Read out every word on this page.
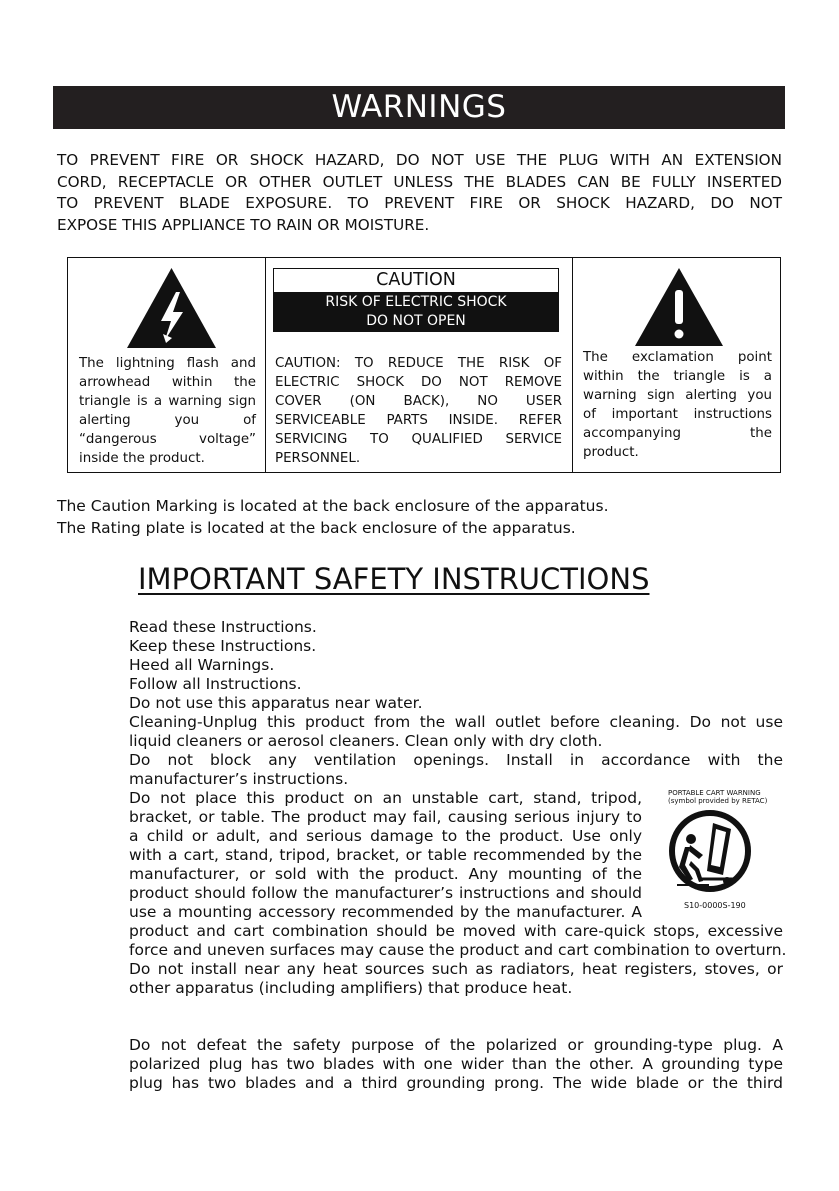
WARNINGS
TO PREVENT FIRE OR SHOCK HAZARD, DO NOT USE THE PLUG WITH AN EXTENSION
CORD, RECEPTACLE OR OTHER OUTLET UNLESS THE BLADES CAN BE FULLY INSERTED
TO PREVENT BLADE EXPOSURE. TO PREVENT FIRE OR SHOCK HAZARD, DO NOT
EXPOSE THIS APPLIANCE TO RAIN OR MOISTURE.
The lightning flash and
arrowhead within the
triangle is a warning sign
alerting you of
“dangerous voltage”
inside the product.
CAUTION
RISK OF ELECTRIC SHOCK
DO NOT OPEN
CAUTION: TO REDUCE THE RISK OF
ELECTRIC SHOCK DO NOT REMOVE
COVER (ON BACK), NO USER
SERVICEABLE PARTS INSIDE. REFER
SERVICING TO QUALIFIED SERVICE
PERSONNEL.
The exclamation point
within the triangle is a
warning sign alerting you
of important instructions
accompanying the
product.
The Caution Marking is located at the back enclosure of the apparatus.
The Rating plate is located at the back enclosure of the apparatus.
IMPORTANT SAFETY INSTRUCTIONS
Read these Instructions.
Keep these Instructions.
Heed all Warnings.
Follow all Instructions.
Do not use this apparatus near water.
Cleaning-Unplug this product from the wall outlet before cleaning. Do not use
liquid cleaners or aerosol cleaners. Clean only with dry cloth.
Do not block any ventilation openings. Install in accordance with the
manufacturer’s instructions.
Do not place this product on an unstable cart, stand, tripod,
bracket, or table. The product may fail, causing serious injury to
a child or adult, and serious damage to the product. Use only
with a cart, stand, tripod, bracket, or table recommended by the
manufacturer, or sold with the product. Any mounting of the
product should follow the manufacturer’s instructions and should
use a mounting accessory recommended by the manufacturer. A
product and cart combination should be moved with care-quick stops, excessive
force and uneven surfaces may cause the product and cart combination to overturn.
Do not install near any heat sources such as radiators, heat registers, stoves, or
other apparatus (including amplifiers) that produce heat.
Do not defeat the safety purpose of the polarized or grounding-type plug. A
polarized plug has two blades with one wider than the other. A grounding type
plug has two blades and a third grounding prong. The wide blade or the third
PORTABLE CART WARNING
(symbol provided by RETAC)
S10-0000S-190
